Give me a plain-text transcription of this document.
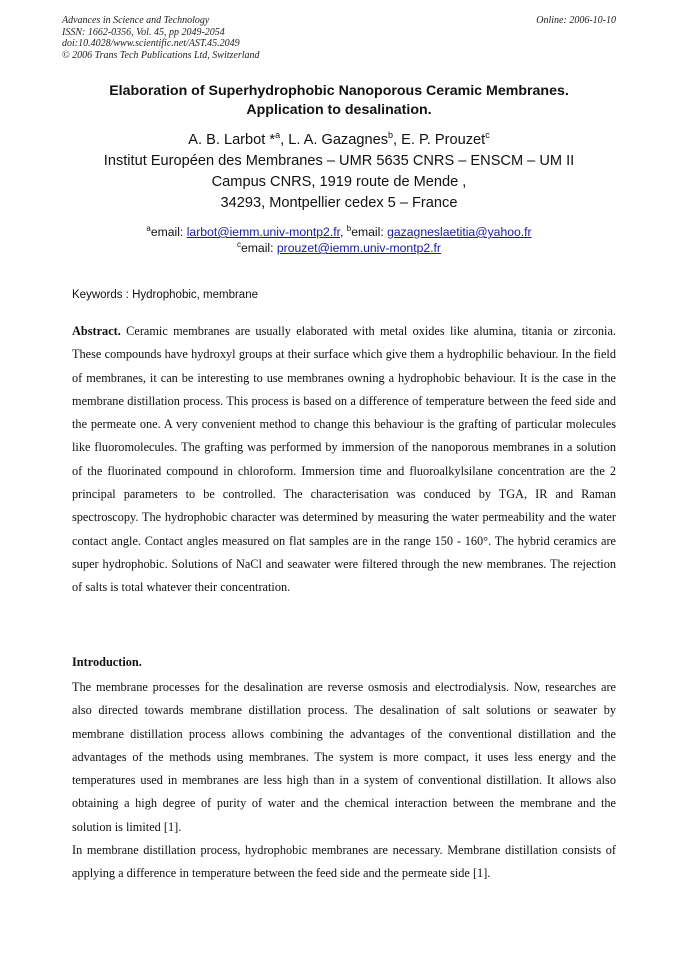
Advances in Science and Technology
ISSN: 1662-0356, Vol. 45, pp 2049-2054
doi:10.4028/www.scientific.net/AST.45.2049
© 2006 Trans Tech Publications Ltd, Switzerland
Online: 2006-10-10
Elaboration of Superhydrophobic Nanoporous Ceramic Membranes.
Application to desalination.
A. B. Larbot *$^a$, L. A. Gazagnes$^b$, E. P. Prouzet$^c$
Institut Européen des Membranes – UMR 5635 CNRS – ENSCM – UM II
Campus CNRS, 1919 route de Mende ,
34293, Montpellier cedex 5 – France
$^a$email: larbot@iemm.univ-montp2.fr, $^b$email: gazagneslaetitia@yahoo.fr
$^c$email: prouzet@iemm.univ-montp2.fr
Keywords : Hydrophobic, membrane

Abstract. Ceramic membranes are usually elaborated with metal oxides like alumina, titania or zirconia. These compounds have hydroxyl groups at their surface which give them a hydrophilic behaviour. In the field of membranes, it can be interesting to use membranes owning a hydrophobic behaviour. It is the case in the membrane distillation process. This process is based on a difference of temperature between the feed side and the permeate one. A very convenient method to change this behaviour is the grafting of particular molecules like fluoromolecules. The grafting was performed by immersion of the nanoporous membranes in a solution of the fluorinated compound in chloroform. Immersion time and fluoroalkylsilane concentration are the 2 principal parameters to be controlled. The characterisation was conduced by TGA, IR and Raman spectroscopy. The hydrophobic character was determined by measuring the water permeability and the water contact angle. Contact angles measured on flat samples are in the range 150 - 160°. The hybrid ceramics are super hydrophobic. Solutions of NaCl and seawater were filtered through the new membranes. The rejection of salts is total whatever their concentration.

Introduction.

The membrane processes for the desalination are reverse osmosis and electrodialysis. Now, researches are also directed towards membrane distillation process. The desalination of salt solutions or seawater by membrane distillation process allows combining the advantages of the conventional distillation and the advantages of the methods using membranes. The system is more compact, it uses less energy and the temperatures used in membranes are less high than in a system of conventional distillation. It allows also obtaining a high degree of purity of water and the chemical interaction between the membrane and the solution is limited [1].

In membrane distillation process, hydrophobic membranes are necessary. Membrane distillation consists of applying a difference in temperature between the feed side and the permeate side [1].
